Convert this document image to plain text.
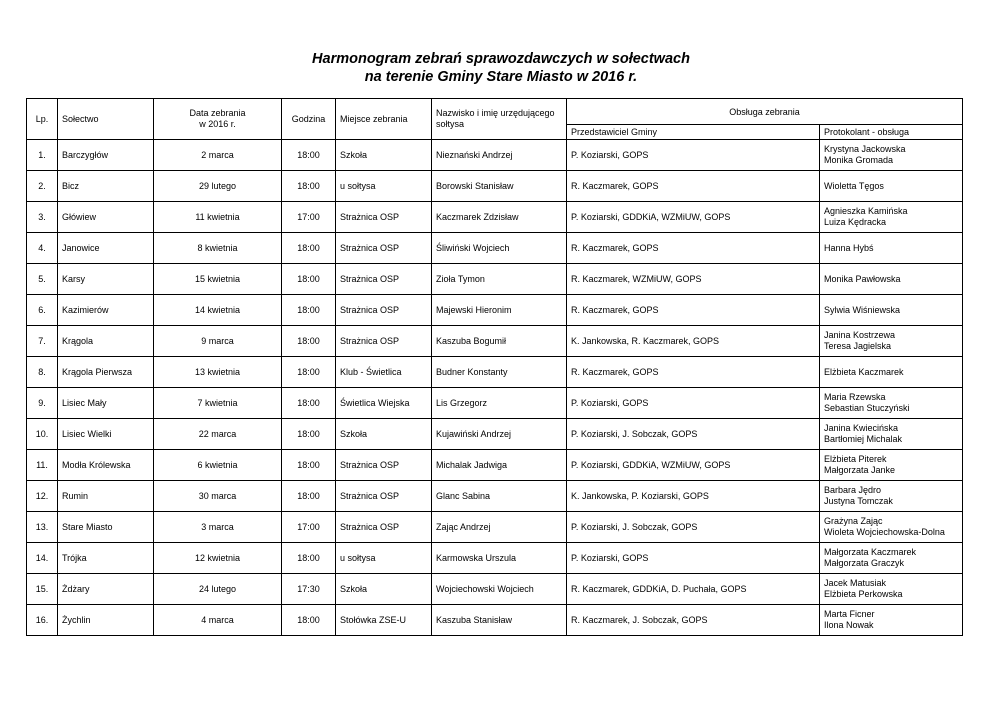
Harmonogram zebrań sprawozdawczych w sołectwach
na terenie Gminy Stare Miasto w 2016 r.
Lp.	Sołectwo	Data zebrania
w 2016 r.	Godzina	Miejsce zebrania	Nazwisko i imię urzędującego
sołtysa	Obsługa zebrania	
						Przedstawiciel Gminy	Protokolant - obsługa
1.	Barczygłów	2 marca	18:00	Szkoła	Nieznański Andrzej	P. Koziarski, GOPS	Krystyna Jackowska
Monika Gromada

2.	Bicz	29 lutego	18:00	u sołtysa	Borowski Stanisław	R. Kaczmarek, GOPS	Wioletta Tęgos

3.	Główiew	11 kwietnia	17:00	Strażnica OSP	Kaczmarek Zdzisław	P. Koziarski, GDDKiA, WZMiUW, GOPS	Agnieszka Kamińska
Luiza Kędracka

4.	Janowice	8 kwietnia	18:00	Strażnica OSP	Śliwiński Wojciech	R. Kaczmarek, GOPS	Hanna Hybś

5.	Karsy	15 kwietnia	18:00	Strażnica OSP	Zioła Tymon	R. Kaczmarek, WZMiUW, GOPS	Monika Pawłowska

6.	Kazimierów	14 kwietnia	18:00	Strażnica OSP	Majewski Hieronim	R. Kaczmarek, GOPS	Sylwia Wiśniewska

7.	Krągola	9 marca	18:00	Strażnica OSP	Kaszuba Bogumił	K. Jankowska, R. Kaczmarek, GOPS	Janina Kostrzewa
Teresa Jagielska

8.	Krągola Pierwsza	13 kwietnia	18:00	Klub - Świetlica	Budner Konstanty	R. Kaczmarek, GOPS	Elżbieta Kaczmarek

9.	Lisiec Mały	7 kwietnia	18:00	Świetlica Wiejska	Lis Grzegorz	P. Koziarski, GOPS	Maria Rzewska
Sebastian Stuczyński

10.	Lisiec Wielki	22 marca	18:00	Szkoła	Kujawiński Andrzej	P. Koziarski, J. Sobczak, GOPS	Janina Kwiecińska
Bartłomiej Michalak

11.	Modła Królewska	6 kwietnia	18:00	Strażnica OSP	Michalak Jadwiga	P. Koziarski, GDDKiA, WZMiUW, GOPS	Elżbieta Piterek
Małgorzata Janke

12.	Rumin	30 marca	18:00	Strażnica OSP	Glanc Sabina	K. Jankowska, P. Koziarski, GOPS	Barbara Jędro
Justyna Tomczak

13.	Stare Miasto	3 marca	17:00	Strażnica OSP	Zając Andrzej	P. Koziarski, J. Sobczak, GOPS	Grażyna Zając
Wioleta Wojciechowska-Dolna

14.	Trójka	12 kwietnia	18:00	u sołtysa	Karmowska Urszula	P. Koziarski, GOPS	Małgorzata Kaczmarek
Małgorzata Graczyk

15.	Żdżary	24 lutego	17:30	Szkoła	Wojciechowski Wojciech	R. Kaczmarek, GDDKiA, D. Puchała, GOPS	Jacek Matusiak
Elżbieta Perkowska

16.	Żychlin	4 marca	18:00	Stołówka ZSE-U	Kaszuba Stanisław	R. Kaczmarek, J. Sobczak, GOPS	Marta Ficner
Ilona Nowak
